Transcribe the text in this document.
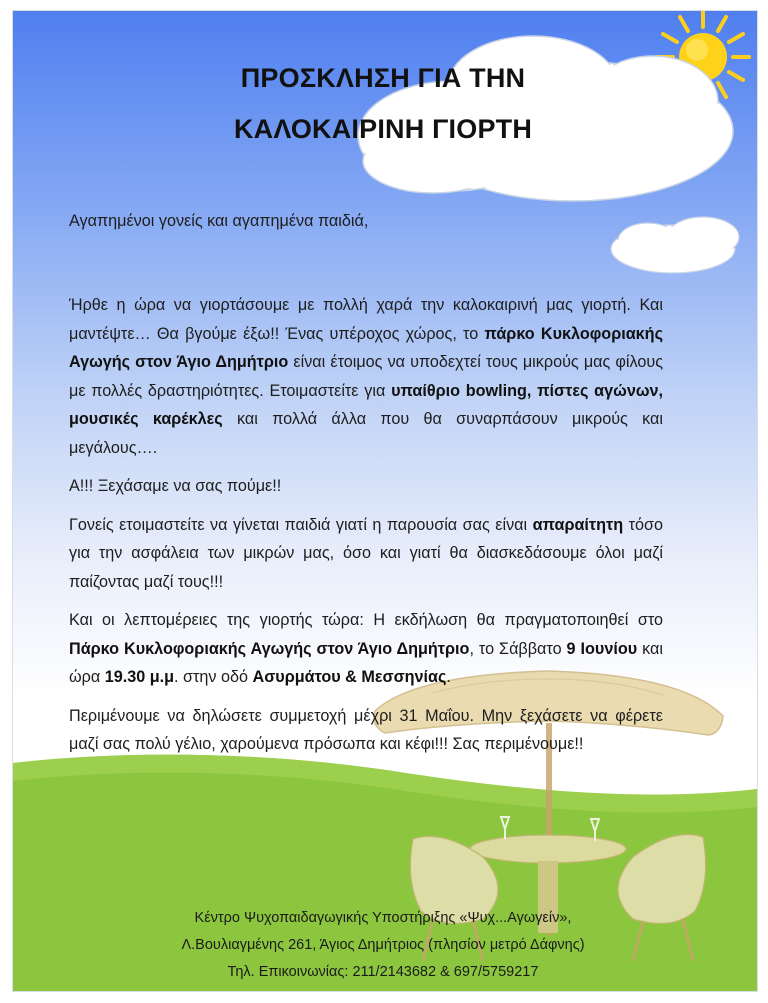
ΠΡΟΣΚΛΗΣΗ ΓΙΑ ΤΗΝ
ΚΑΛΟΚΑΙΡΙΝΗ ΓΙΟΡΤΗ

Αγαπημένοι γονείς και αγαπημένα παιδιά,

Ήρθε η ώρα να γιορτάσουμε με πολλή χαρά την καλοκαιρινή μας γιορτή. Και μαντέψτε… Θα βγούμε έξω!! Ένας υπέροχος χώρος, το πάρκο Κυκλοφοριακής Αγωγής στον Άγιο Δημήτριο είναι έτοιμος να υποδεχτεί τους μικρούς μας φίλους με πολλές δραστηριότητες. Ετοιμαστείτε για υπαίθριο bowling, πίστες αγώνων, μουσικές καρέκλες και πολλά άλλα που θα συναρπάσουν μικρούς και μεγάλους….

Α!!! Ξεχάσαμε να σας πούμε!!

Γονείς ετοιμαστείτε να γίνεται παιδιά γιατί η παρουσία σας είναι απαραίτητη τόσο για την ασφάλεια των μικρών μας, όσο και γιατί θα διασκεδάσουμε όλοι μαζί παίζοντας μαζί τους!!!

Και οι λεπτομέρειες της γιορτής τώρα: Η εκδήλωση θα πραγματοποιηθεί στο Πάρκο Κυκλοφοριακής Αγωγής στον Άγιο Δημήτριο, το Σάββατο 9 Ιουνίου και ώρα 19.30 μ.μ. στην οδό Ασυρμάτου & Μεσσηνίας.

Περιμένουμε να δηλώσετε συμμετοχή μέχρι 31 Μαΐου. Μην ξεχάσετε να φέρετε μαζί σας πολύ γέλιο, χαρούμενα πρόσωπα και κέφι!!! Σας περιμένουμε!!

Κέντρο Ψυχοπαιδαγωγικής Υποστήριξης «Ψυχ...Αγωγείν»,
Λ.Βουλιαγμένης 261, Άγιος Δημήτριος (πλησίον μετρό Δάφνης)
Τηλ. Επικοινωνίας: 211/2143682 & 697/5759217
